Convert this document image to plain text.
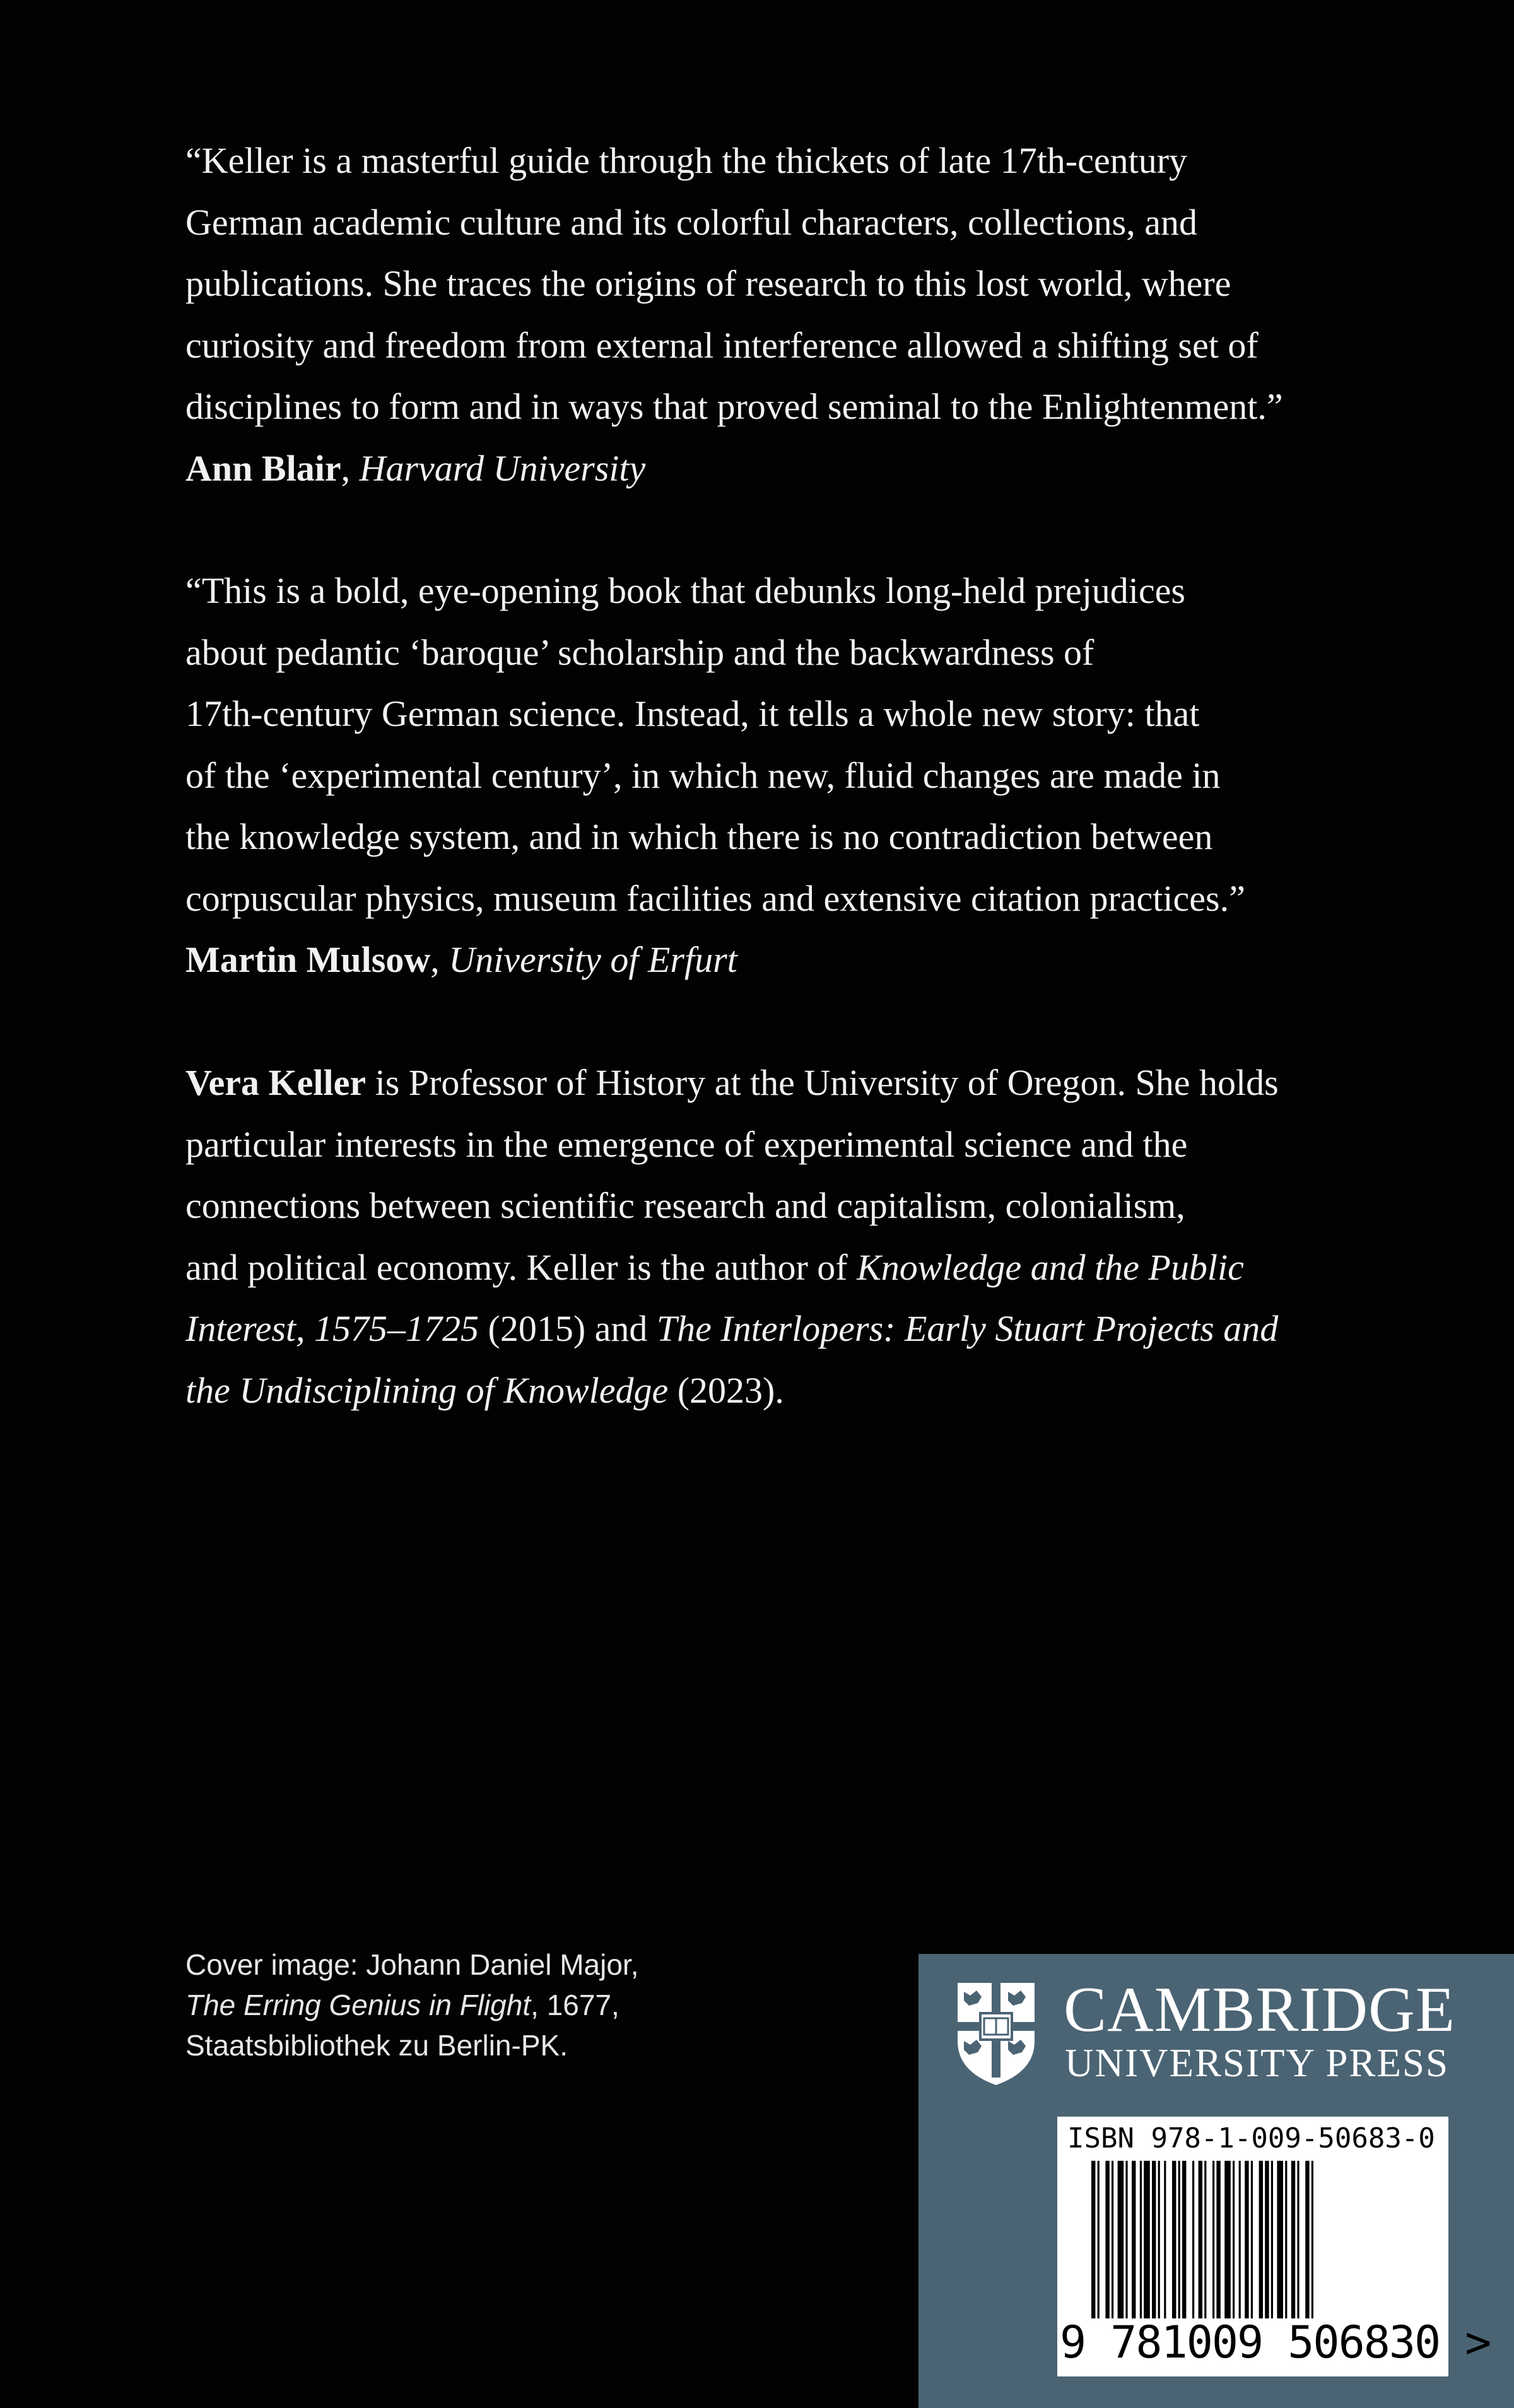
“Keller is a masterful guide through the thickets of late 17th-century
German academic culture and its colorful characters, collections, and
publications. She traces the origins of research to this lost world, where
curiosity and freedom from external interference allowed a shifting set of
disciplines to form and in ways that proved seminal to the Enlightenment.”

Ann Blair, Harvard University

“This is a bold, eye-opening book that debunks long-held prejudices
about pedantic ‘baroque’ scholarship and the backwardness of
17th-century German science. Instead, it tells a whole new story: that
of the ‘experimental century’, in which new, fluid changes are made in
the knowledge system, and in which there is no contradiction between
corpuscular physics, museum facilities and extensive citation practices.”

Martin Mulsow, University of Erfurt

Vera Keller is Professor of History at the University of Oregon. She holds
particular interests in the emergence of experimental science and the
connections between scientific research and capitalism, colonialism,
and political economy. Keller is the author of Knowledge and the Public
Interest, 1575–1725 (2015) and The Interlopers: Early Stuart Projects and
the Undisciplining of Knowledge (2023).

Cover image: Johann Daniel Major,
The Erring Genius in Flight, 1677,
Staatsbibliothek zu Berlin-PK.	CAMBRIDGE
UNIVERSITY PRESS
ISBN 978-1-009-50683-0
9 781009 506830 >
